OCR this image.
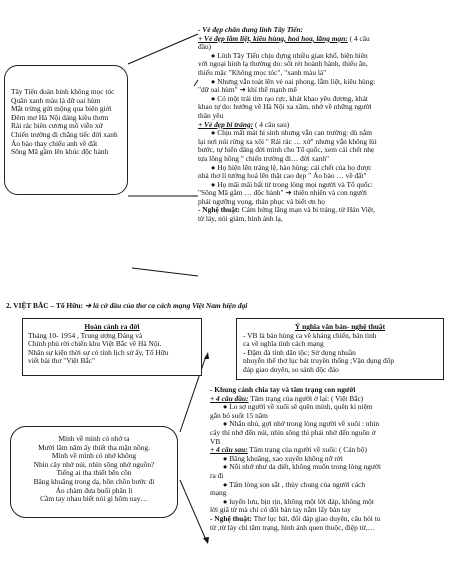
Tây Tiến đoàn binh không mọc tóc
Quân xanh màu lá dữ oai hùm
Mắt trừng gửi mộng qua biên giới
Đêm mơ Hà Nội dáng kiều thơm
Rải rác biên cương mồ viễn xứ
Chiến trường đi chẳng tiếc đời xanh
Áo bào thay chiếu anh về đất
Sông Mã gầm lên khúc độc hành
- Vẻ đẹp chân dung lính Tây Tiến:
+ Vẻ đẹp lẫm liệt, kiêu hùng, hoá hoa, lãng mạn: ( 4 câu
đầu)
● Lính Tây Tiến chịu đựng nhiều gian khổ, hiện hiên
với ngoại hình lạ thường do: sốt rét hoành hành, thiếu ăn,
thiếu mặc "Không mọc tóc", "xanh màu lá"
● Nhưng vẫn toát lên vẻ oai phong, lẫm liệt, kiêu hùng:
"dữ oai hùm" ➔ khí thế mạnh mẽ
● Có một trái tim rạo rực, khát khao yêu đương, khát
khao tự do: hướng về Hà Nội xa xăm, nhớ về những người
thân yêu
+ Vẻ đẹp bi tráng: ( 4 câu sau)
● Chịu mất mát hi sinh nhưng vẫn can trường: dù nằm
lại nơi núi rừng xa xôi " Rải rác … xứ" nhưng vẫn không lùi
bước, tự hiến dâng đời mình cho Tổ quốc, xem cái chết nhẹ
tựa lông hồng " chiến trường đi… đời xanh"
● Họ hiện lên tráng lệ, hào hùng: cái chết của họ được
nhà thơ lí tưởng hoá lên thật cao đẹp " Áo bào … về đất"
● Họ mãi mãi bất tử trong lòng mọi người và Tổ quốc:
"Sông Mã gầm … độc hành" ➔ thiên nhiên và con người
phải ngưỡng vọng, thán phục và biết ơn họ
- Nghệ thuật: Cảm hứng lãng mạn và bi tráng, từ Hán Việt,
từ láy, nói giảm, hình ảnh lạ,
2. VIỆT BẮC – Tố Hữu: ➔ là cờ đầu của thơ ca cách mạng Việt Nam hiện đại
Hoàn cảnh ra đời
Tháng 10- 1954 , Trung ương Đảng và
Chính phủ rời chiến khu Việt Bắc về Hà Nội.
Nhân sự kiện thời sự có tính lịch sử ấy, Tố Hữu
viết bài thơ "Việt Bắc"
Ý nghĩa văn bản- nghệ thuật
- VB là bản hùng ca về kháng chiến, bản tình
ca về nghĩa tình cách mạng
- Đậm đà tính dân tộc; Sử dụng nhuần
nhuyễn thể thơ lục bát truyền thống ;Vận dụng đốp
đáp giao duyên, so sánh độc đáo
Mình về mình có nhớ ta
Mười lăm năm ấy thiết tha mặn nồng.
Mình về mình có nhớ không
Nhìn cây nhớ núi, nhìn sông nhớ nguồn?
Tiếng ai tha thiết bên cồn
Bâng khuâng trong dạ, bồn chồn bước đi
Áo chàm đưa buổi phân li
Cầm tay nhau biết nói gì hôm nay…
- Khung cảnh chia tay và tâm trạng con người
+ 4 câu đầu: Tâm trạng của người ở lại: ( Việt Bắc)
● Lo sợ người về xuôi sẽ quên mình, quên kỉ niệm
gắn bó suốt 15 năm
● Nhắn nhủ, gợi nhớ trong lòng người về xuôi : nhìn
cây thì nhớ đến núi, nhìn sông thì phải nhớ đến nguồn ở
VB
+ 4 câu sau: Tâm trạng của người về xuôi: ( Cán bộ)
● Bâng khuâng, xao xuyến không nỡ rời
● Nỗi nhớ như da diết, không muốn trong lòng người
ra đi
● Tấm lòng son sắt , thủy chung của người cách
mạng
● luyến lưu, bịn rịn, không một lời đáp, không một
lời giã từ mà chỉ có đôi bàn tay nắm lấy bàn tay
- Nghệ thuật: Thơ lục bát, đối đáp giao duyên, câu hỏi tu
từ ,từ láy chỉ tâm trạng, hình ảnh quen thuộc, điệp từ,…
